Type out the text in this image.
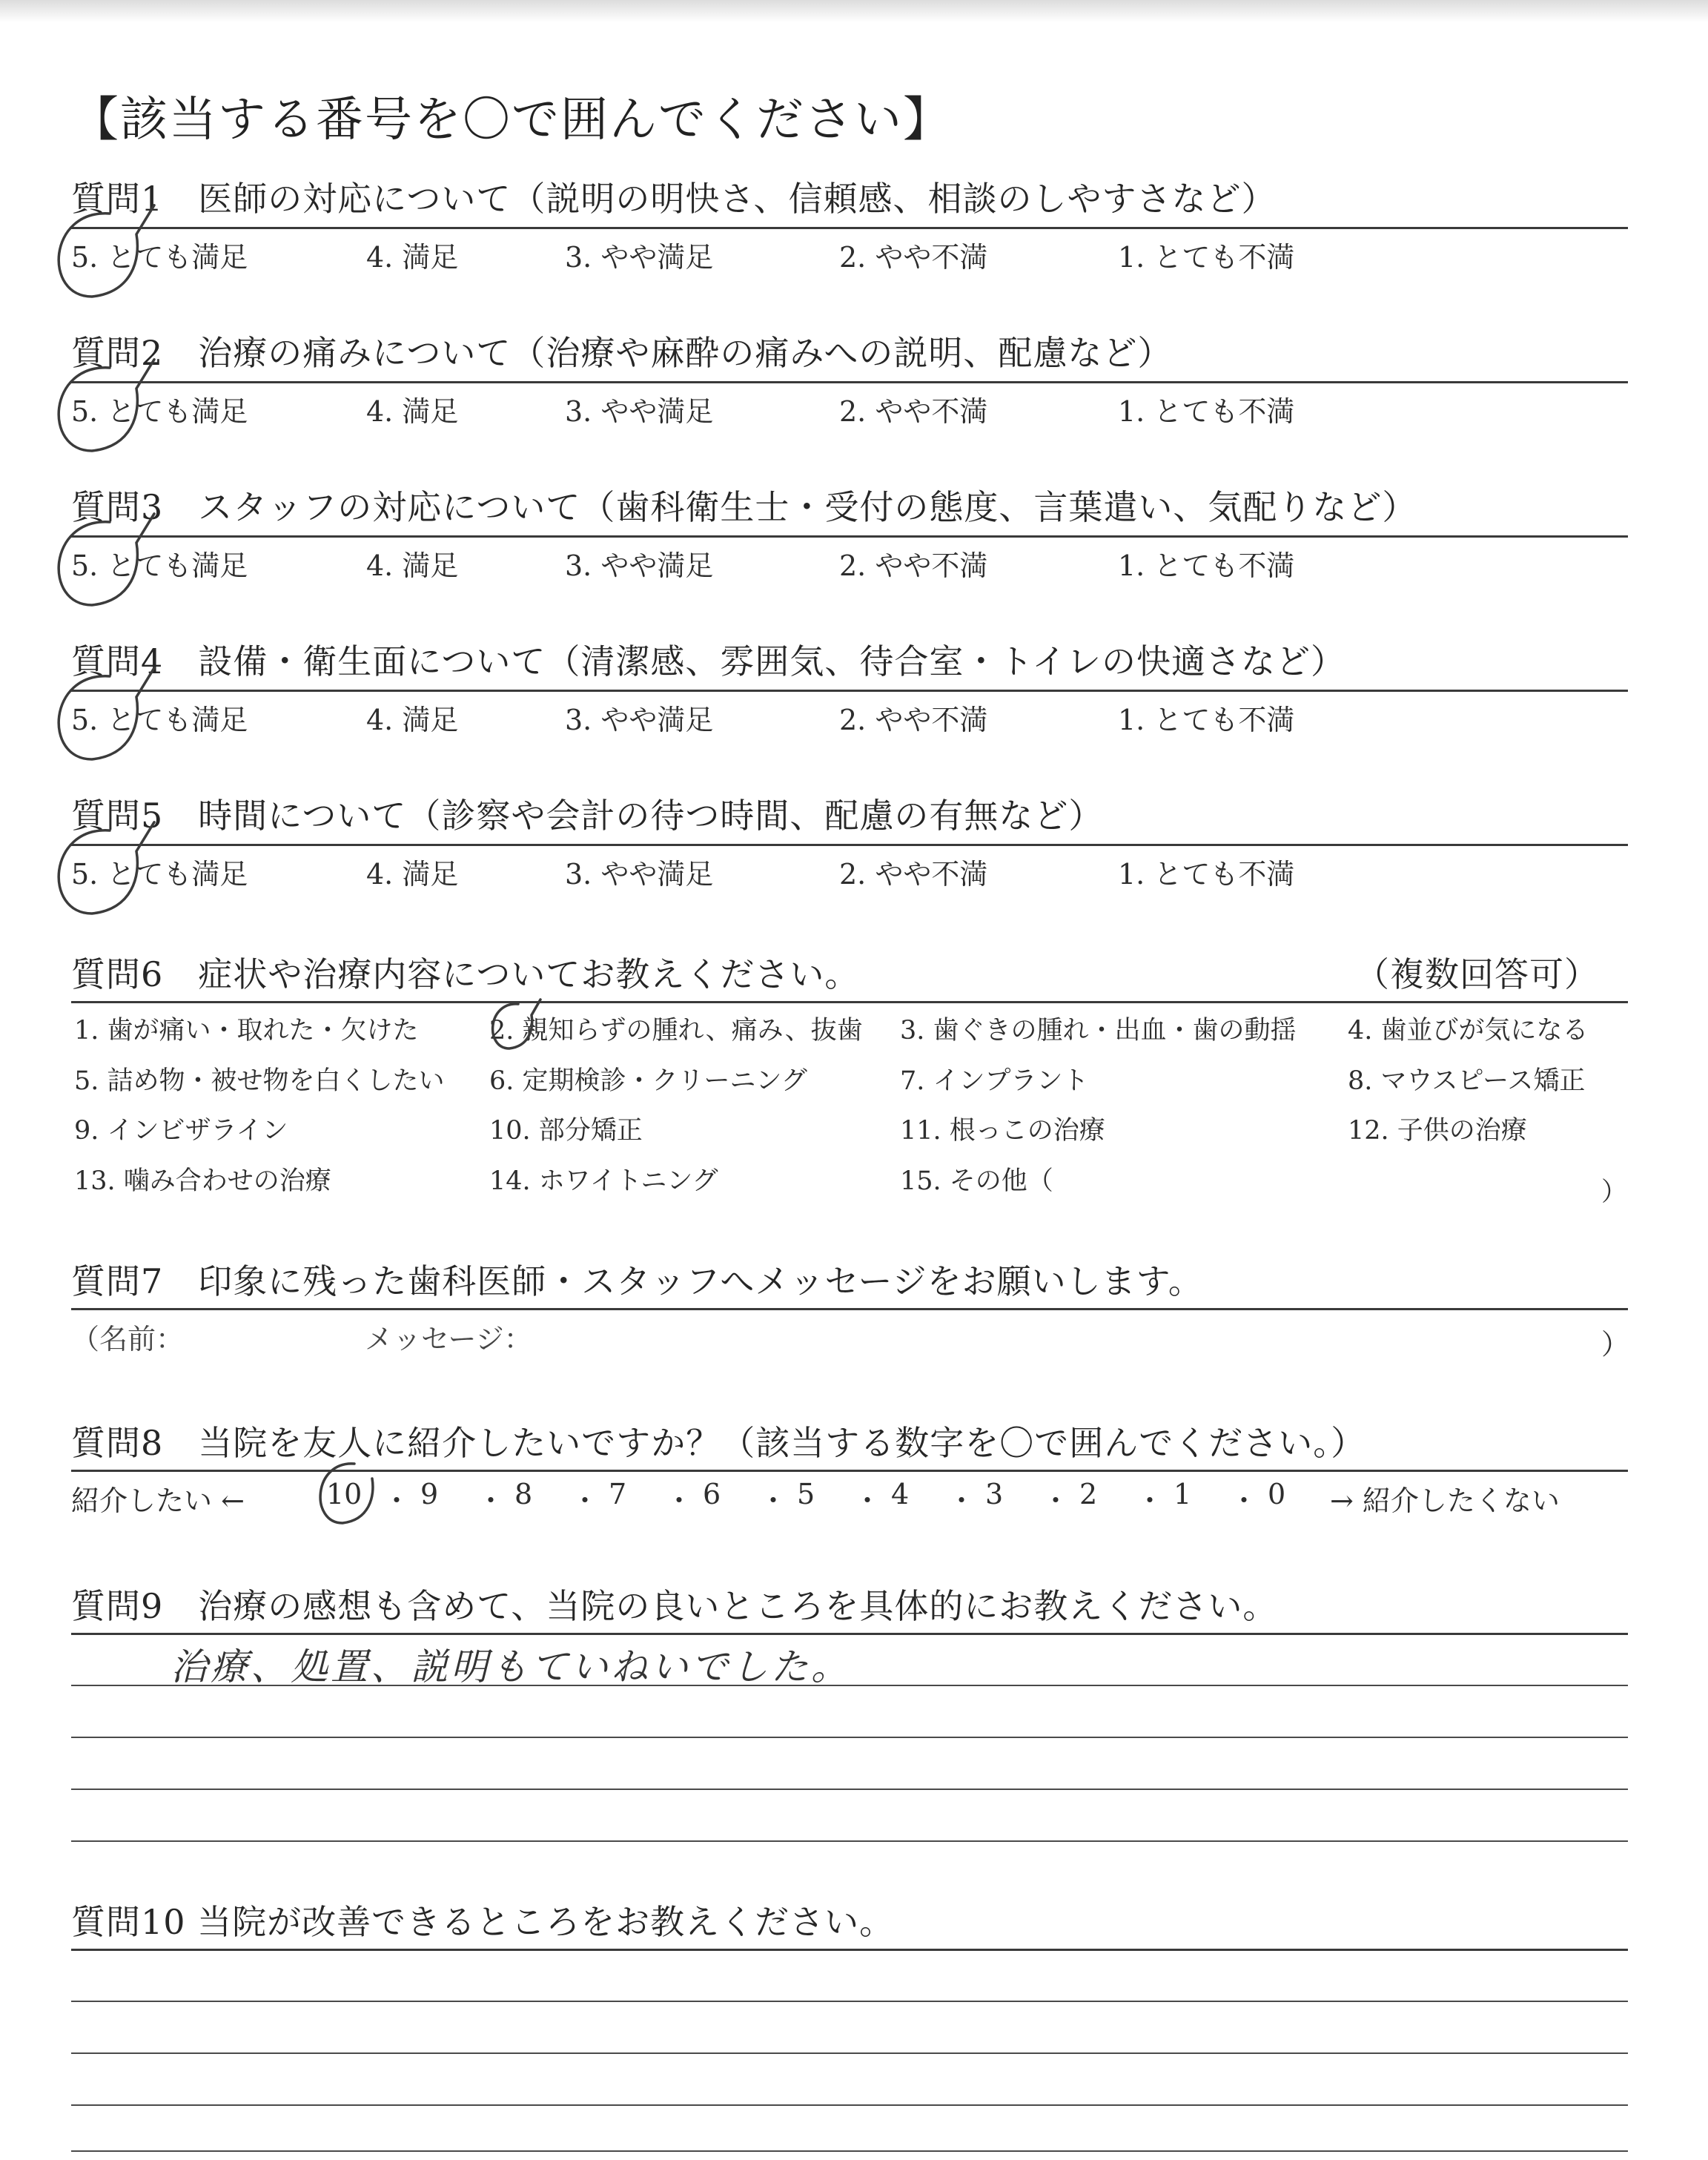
【該当する番号を〇で囲んでください】
質問1　医師の対応について（説明の明快さ、信頼感、相談のしやすさなど）
5. とても満足	4. 満足	3. やや満足	2. やや不満	1. とても不満
質問2　治療の痛みについて（治療や麻酔の痛みへの説明、配慮など）
5. とても満足	4. 満足	3. やや満足	2. やや不満	1. とても不満
質問3　スタッフの対応について（歯科衛生士・受付の態度、言葉遣い、気配りなど）
5. とても満足	4. 満足	3. やや満足	2. やや不満	1. とても不満
質問4　設備・衛生面について（清潔感、雰囲気、待合室・トイレの快適さなど）
5. とても満足	4. 満足	3. やや満足	2. やや不満	1. とても不満
質問5　時間について（診察や会計の待つ時間、配慮の有無など）
5. とても満足	4. 満足	3. やや満足	2. やや不満	1. とても不満
質問6　症状や治療内容についてお教えください。	（複数回答可）
1. 歯が痛い・取れた・欠けた	2. 親知らずの腫れ、痛み、抜歯 3. 歯ぐきの腫れ・出血・歯の動揺 4. 歯並びが気になる
5. 詰め物・被せ物を白くしたい 6. 定期検診・クリーニング	7. インプラント	8. マウスピース矯正
9. インビザライン	10. 部分矯正	11. 根っこの治療	12. 子供の治療
13. 噛み合わせの治療	14. ホワイトニング	15. その他（	）
質問7　印象に残った歯科医師・スタッフへメッセージをお願いします。
（名前：	メッセージ：	）
質問8　当院を友人に紹介したいですか？（該当する数字を〇で囲んでください。）
紹介したい ←	10 ・ 9 ・ 8 ・ 7 ・ 6 ・ 5 ・ 4 ・ 3 ・ 2 ・ 1 ・ 0 → 紹介したくない
質問9　治療の感想も含めて、当院の良いところを具体的にお教えください。
治療、処置、説明もていねいでした。
質問10 当院が改善できるところをお教えください。
